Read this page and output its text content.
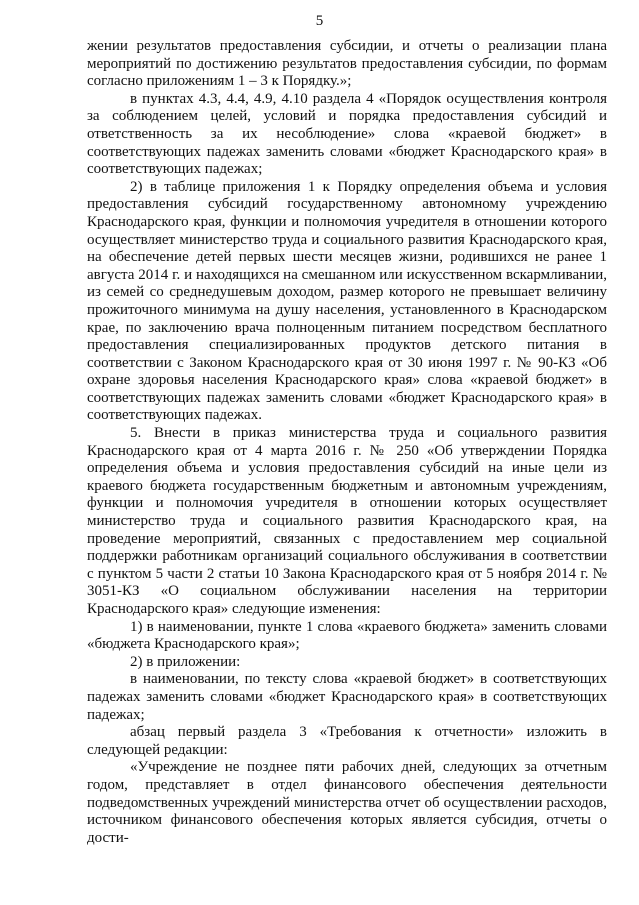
5

жении результатов предоставления субсидии, и отчеты о реализации плана мероприятий по достижению результатов предоставления субсидии, по формам согласно приложениям 1 – 3 к Порядку.»;

в пунктах 4.3, 4.4, 4.9, 4.10 раздела 4 «Порядок осуществления контроля за соблюдением целей, условий и порядка предоставления субсидий и ответственность за их несоблюдение» слова «краевой бюджет» в соответствующих падежах заменить словами «бюджет Краснодарского края» в соответствующих падежах;

2) в таблице приложения 1 к Порядку определения объема и условия предоставления субсидий государственному автономному учреждению Краснодарского края, функции и полномочия учредителя в отношении которого осуществляет министерство труда и социального развития Краснодарского края, на обеспечение детей первых шести месяцев жизни, родившихся не ранее 1 августа 2014 г. и находящихся на смешанном или искусственном вскармливании, из семей со среднедушевым доходом, размер которого не превышает величину прожиточного минимума на душу населения, установленного в Краснодарском крае, по заключению врача полноценным питанием посредством бесплатного предоставления специализированных продуктов детского питания в соответствии с Законом Краснодарского края от 30 июня 1997 г. № 90-КЗ «Об охране здоровья населения Краснодарского края» слова «краевой бюджет» в соответствующих падежах заменить словами «бюджет Краснодарского края» в соответствующих падежах.

5. Внести в приказ министерства труда и социального развития Краснодарского края от 4 марта 2016 г. № 250 «Об утверждении Порядка определения объема и условия предоставления субсидий на иные цели из краевого бюджета государственным бюджетным и автономным учреждениям, функции и полномочия учредителя в отношении которых осуществляет министерство труда и социального развития Краснодарского края, на проведение мероприятий, связанных с предоставлением мер социальной поддержки работникам организаций социального обслуживания в соответствии с пунктом 5 части 2 статьи 10 Закона Краснодарского края от 5 ноября 2014 г. № 3051-КЗ «О социальном обслуживании населения на территории Краснодарского края» следующие изменения:

1) в наименовании, пункте 1 слова «краевого бюджета» заменить словами «бюджета Краснодарского края»;

2) в приложении:

в наименовании, по тексту слова «краевой бюджет» в соответствующих падежах заменить словами «бюджет Краснодарского края» в соответствующих падежах;

абзац первый раздела 3 «Требования к отчетности» изложить в следующей редакции:

«Учреждение не позднее пяти рабочих дней, следующих за отчетным годом, представляет в отдел финансового обеспечения деятельности подведомственных учреждений министерства отчет об осуществлении расходов, источником финансового обеспечения которых является субсидия, отчеты о дости-
